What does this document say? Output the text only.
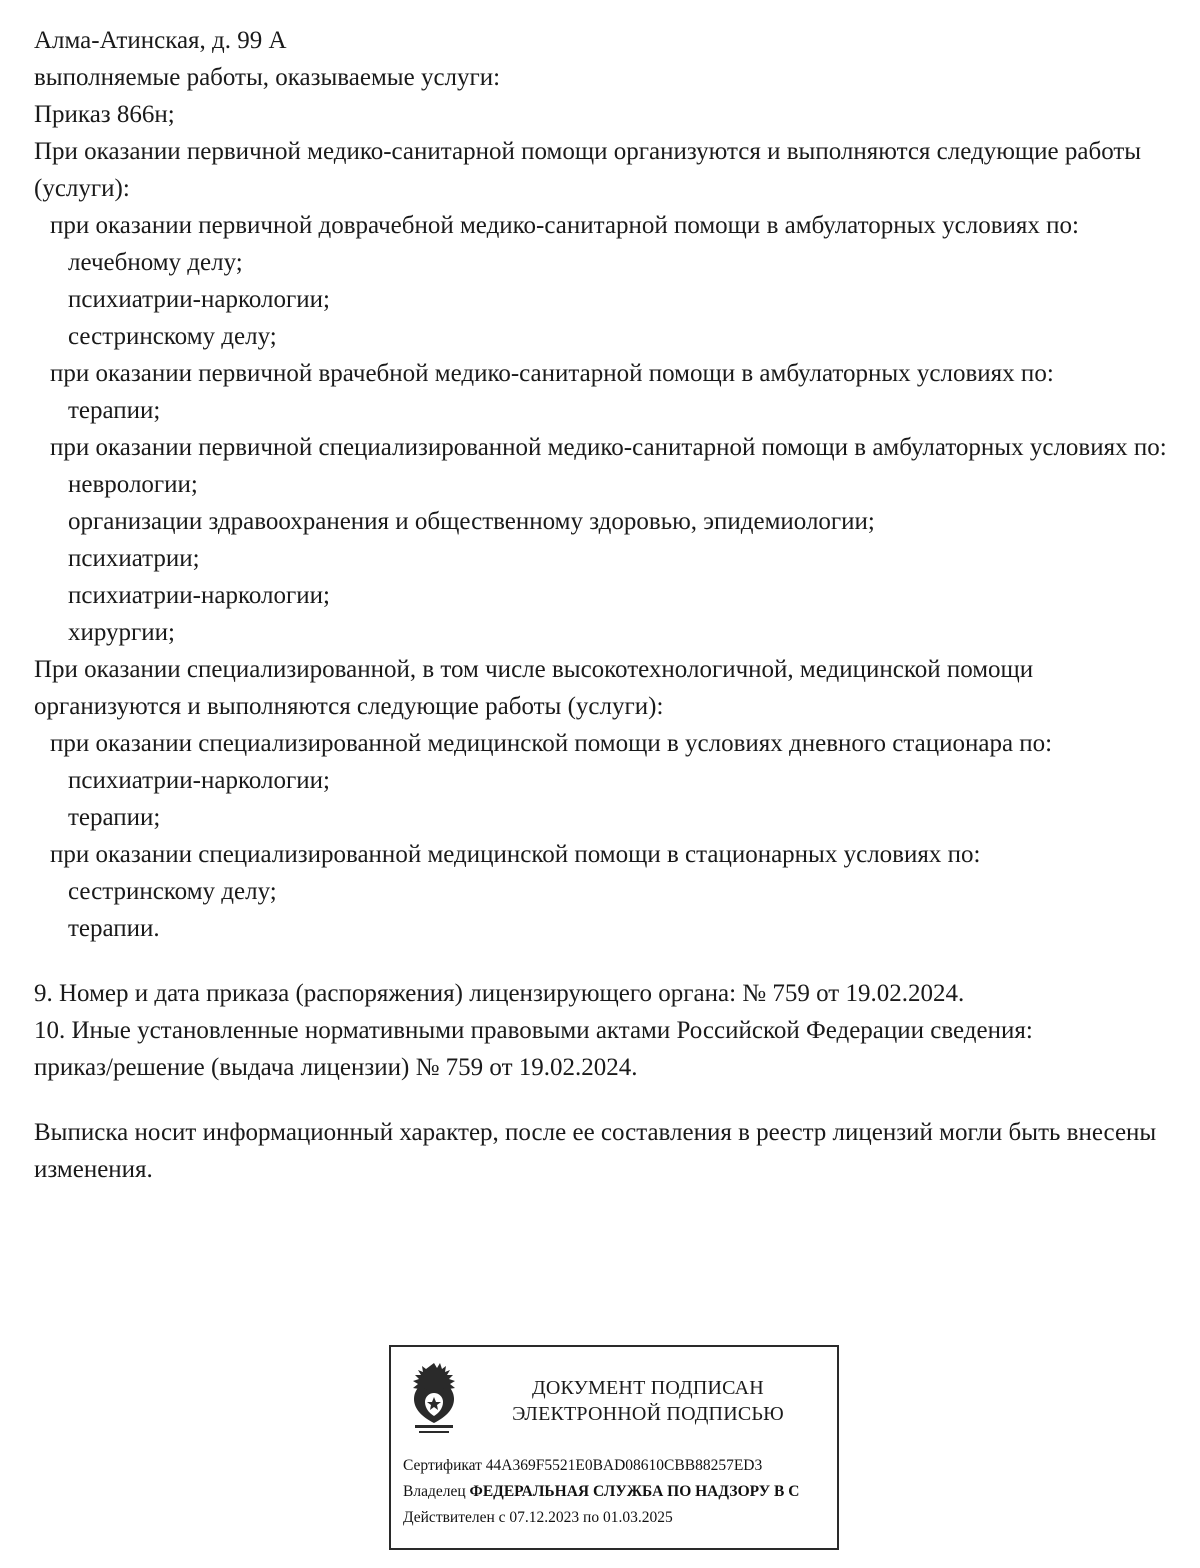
Алма-Атинская, д. 99 А
выполняемые работы, оказываемые услуги:
Приказ 866н;
При оказании первичной медико-санитарной помощи организуются и выполняются следующие работы (услуги):
при оказании первичной доврачебной медико-санитарной помощи в амбулаторных условиях по:
лечебному делу;
психиатрии-наркологии;
сестринскому делу;
при оказании первичной врачебной медико-санитарной помощи в амбулаторных условиях по:
терапии;
при оказании первичной специализированной медико-санитарной помощи в амбулаторных условиях по:
неврологии;
организации здравоохранения и общественному здоровью, эпидемиологии;
психиатрии;
психиатрии-наркологии;
хирургии;
При оказании специализированной, в том числе высокотехнологичной, медицинской помощи организуются и выполняются следующие работы (услуги):
при оказании специализированной медицинской помощи в условиях дневного стационара по:
психиатрии-наркологии;
терапии;
при оказании специализированной медицинской помощи в стационарных условиях по:
сестринскому делу;
терапии.
9. Номер и дата приказа (распоряжения) лицензирующего органа: № 759 от 19.02.2024.
10. Иные установленные нормативными правовыми актами Российской Федерации сведения:
приказ/решение (выдача лицензии) № 759 от 19.02.2024.
Выписка носит информационный характер, после ее составления в реестр лицензий могли быть внесены изменения.
ДОКУМЕНТ ПОДПИСАН
ЭЛЕКТРОННОЙ ПОДПИСЬЮ
Сертификат 44A369F5521E0BAD08610CBB88257ED3
Владелец ФЕДЕРАЛЬНАЯ СЛУЖБА ПО НАДЗОРУ В С
Действителен с 07.12.2023 по 01.03.2025
